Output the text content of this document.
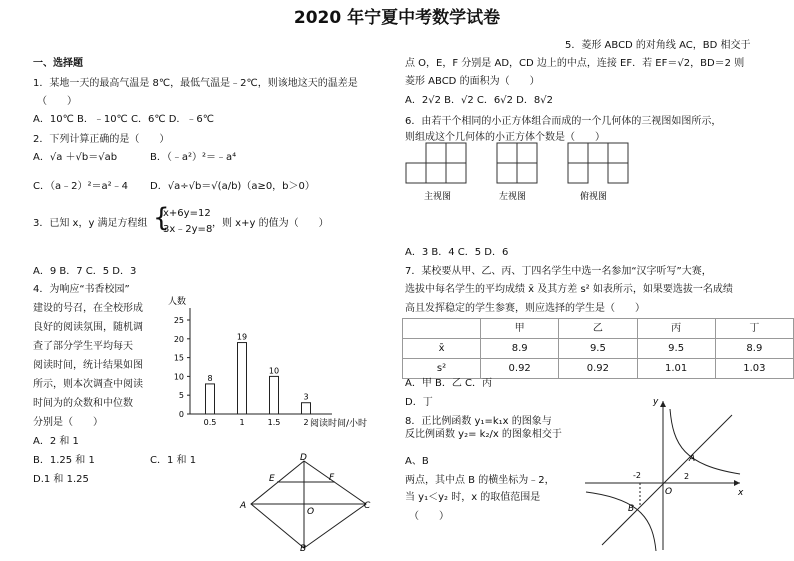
2020 年宁夏中考数学试卷
一、选择题
1．某地一天的最高气温是 8℃，最低气温是﹣2℃，则该地这天的温差是
（　　）
A．10℃ B．﹣10℃ C．6℃ D．﹣6℃
2．下列计算正确的是（　　）
A．√a ＋√b＝√ab	B．（﹣a²）²＝﹣a⁴
C．（a﹣2）²＝a²﹣4 D．√a÷√b＝√(a/b)（a≥0，b＞0）
3．已知 x，y 满足方程组 {
x+6y=12
3x﹣2y=8
，则 x+y 的值为（　　）
A．9 B．7 C．5 D．3
4．为响应“书香校园”
建设的号召，在全校形成
良好的阅读氛围，随机调
查了部分学生平均每天
阅读时间，统计结果如图
所示，则本次调查中阅读
时间为的众数和中位数
分别是（　　）
A．2 和 1
B．1.25 和 1	C．1 和 1
D.1 和 1.25
0
5
10
15
20
25
0.5	1	1.5	2
8
19
10
3
人数
阅读时间/小时
A
D
C
B
E	F
O
5．菱形 ABCD 的对角线 AC，BD 相交于
点 O，E，F 分别是 AD，CD 边上的中点，连接 EF．若 EF＝√2，BD＝2 则
菱形 ABCD 的面积为（　　）
A．2√2 B．√2 C．6√2 D．8√2
6．由若干个相同的小正方体组合而成的一个几何体的三视图如图所示，
则组成这个几何体的小正方体个数是（　　）
主视图	左视图	俯视图
A．3 B．4 C．5 D．6
7．某校要从甲、乙、丙、丁四名学生中选一名参加“汉字听写”大赛，
选拔中每名学生的平均成绩 x̄ 及其方差 s² 如表所示，如果要选拔一名成绩
高且发挥稳定的学生参赛，则应选择的学生是（　　）
	甲	乙	丙	丁
x̄	8.9	9.5	9.5	8.9
s²	0.92	0.92	1.01	1.03
A．甲 B．乙 C．丙
D．丁
8．正比例函数 y₁=k₁x 的图象与
反比例函数 y₂= k₂/x 的图象相交于
A、B
两点，其中点 B 的横坐标为﹣2，
当 y₁＜y₂ 时，x 的取值范围是
（　　）
y
x
O
A
B
-2	2
